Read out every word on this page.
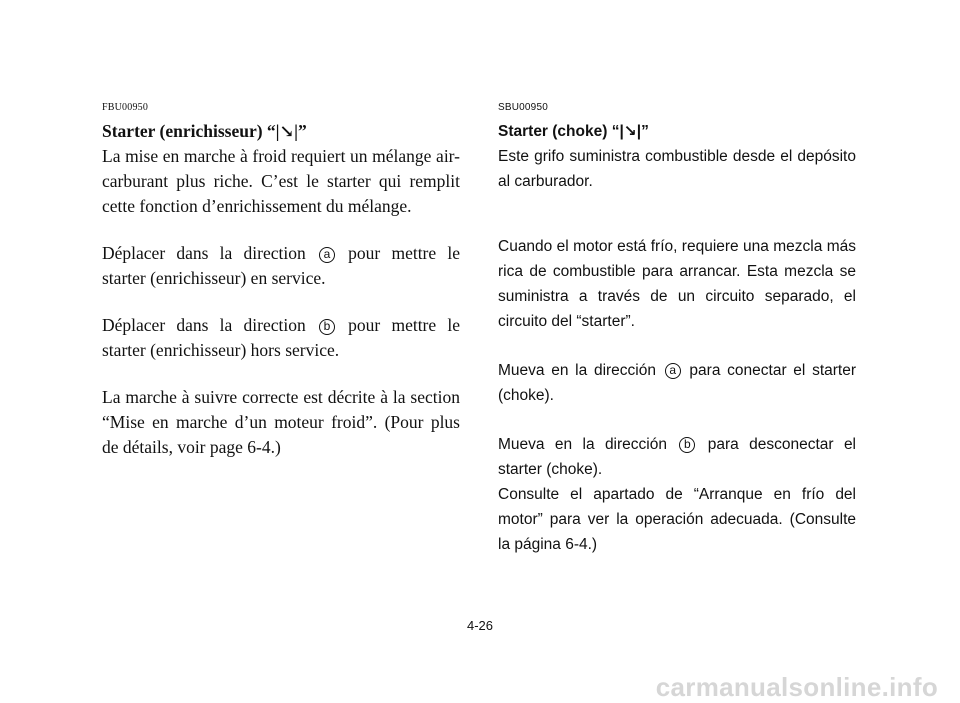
FBU00950

Starter (enrichisseur) “|↘|”

La mise en marche à froid requiert un mélange air-carburant plus riche. C’est le starter qui remplit cette fonction d’enrichissement du mélange.

Déplacer dans la direction a pour mettre le starter (enrichisseur) en service.

Déplacer dans la direction b pour mettre le starter (enrichisseur) hors service.

La marche à suivre correcte est décrite à la section “Mise en marche d’un moteur froid”. (Pour plus de détails, voir page 6-4.)

SBU00950

Starter (choke) “|↘|”

Este grifo suministra combustible desde el depósito al carburador.

Cuando el motor está frío, requiere una mezcla más rica de combustible para arrancar. Esta mezcla se suministra a través de un circuito separado, el circuito del “starter”.

Mueva en la dirección a para conectar el starter (choke).

Mueva en la dirección b para desconectar el starter (choke).

Consulte el apartado de “Arranque en frío del motor” para ver la operación adecuada. (Consulte la página 6-4.)

4-26
carmanualsonline.info
